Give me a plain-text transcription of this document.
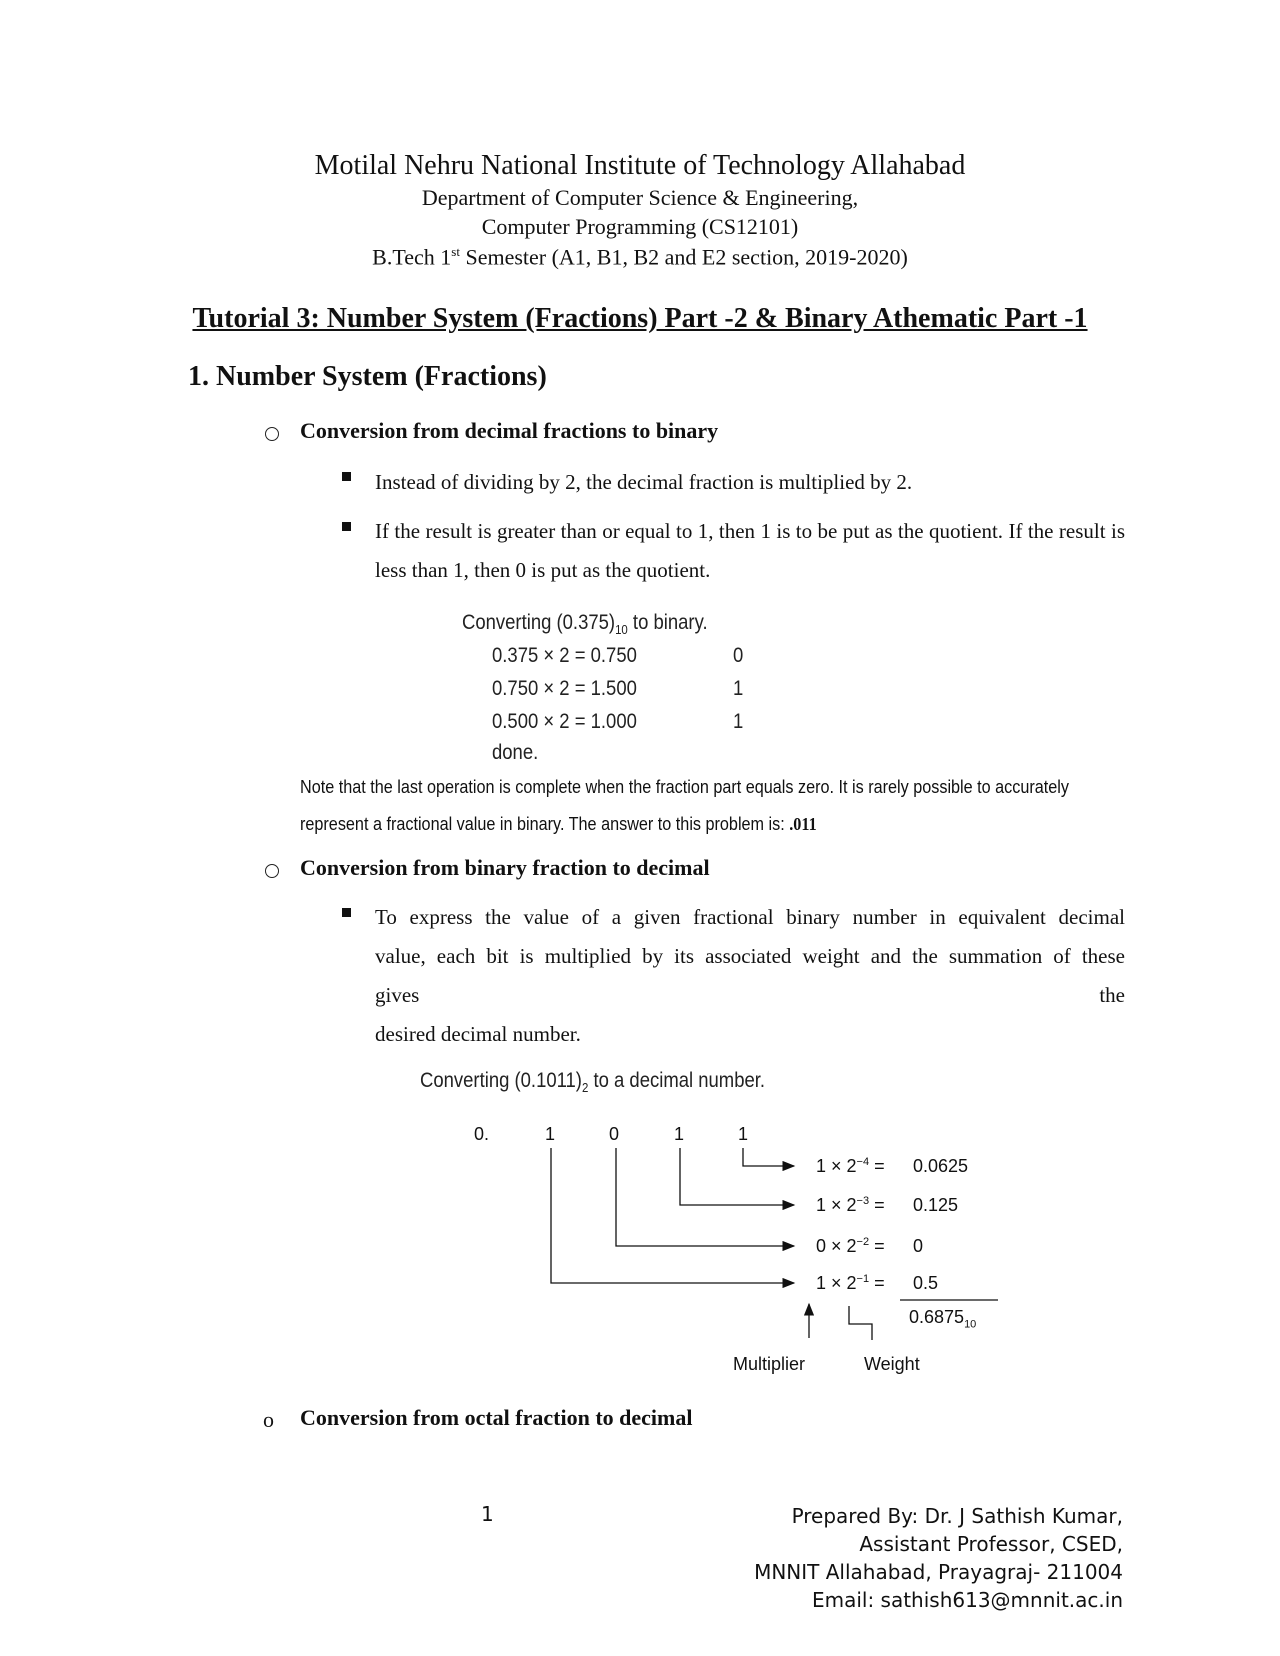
Motilal Nehru National Institute of Technology Allahabad
Department of Computer Science & Engineering,
Computer Programming (CS12101)
B.Tech 1st Semester (A1, B1, B2 and E2 section, 2019-2020)
Tutorial 3: Number System (Fractions) Part -2 & Binary Athematic Part -1
1. Number System (Fractions)
Conversion from decimal fractions to binary
Instead of dividing by 2, the decimal fraction is multiplied by 2.
If the result is greater than or equal to 1, then 1 is to be put as the quotient. If the result is less than 1, then 0 is put as the quotient.
Converting $(0.375)_{10}$ to binary.
0.375 × 2 = 0.750	0
0.750 × 2 = 1.500	1
0.500 × 2 = 1.000	1
done.
Note that the last operation is complete when the fraction part equals zero. It is rarely possible to accurately
represent a fractional value in binary. The answer to this problem is: .011
Conversion from binary fraction to decimal
To express the value of a given fractional binary number in equivalent decimal
value, each bit is multiplied by its associated weight and the summation of these
gives	the
desired decimal number.
Converting $(0.1011)_2$ to a decimal number.
0.	1	0	1	1
$1 \times 2^{-4} = 0.0625$
$1 \times 2^{-3} = 0.125$
$0 \times 2^{-2} = 0$
$1 \times 2^{-1} = 0.5$
$0.6875_{10}$
Multiplier	Weight
o Conversion from octal fraction to decimal
1	Prepared By: Dr. J Sathish Kumar,
Assistant Professor, CSED,
MNNIT Allahabad, Prayagraj- 211004
Email: sathish613@mnnit.ac.in
